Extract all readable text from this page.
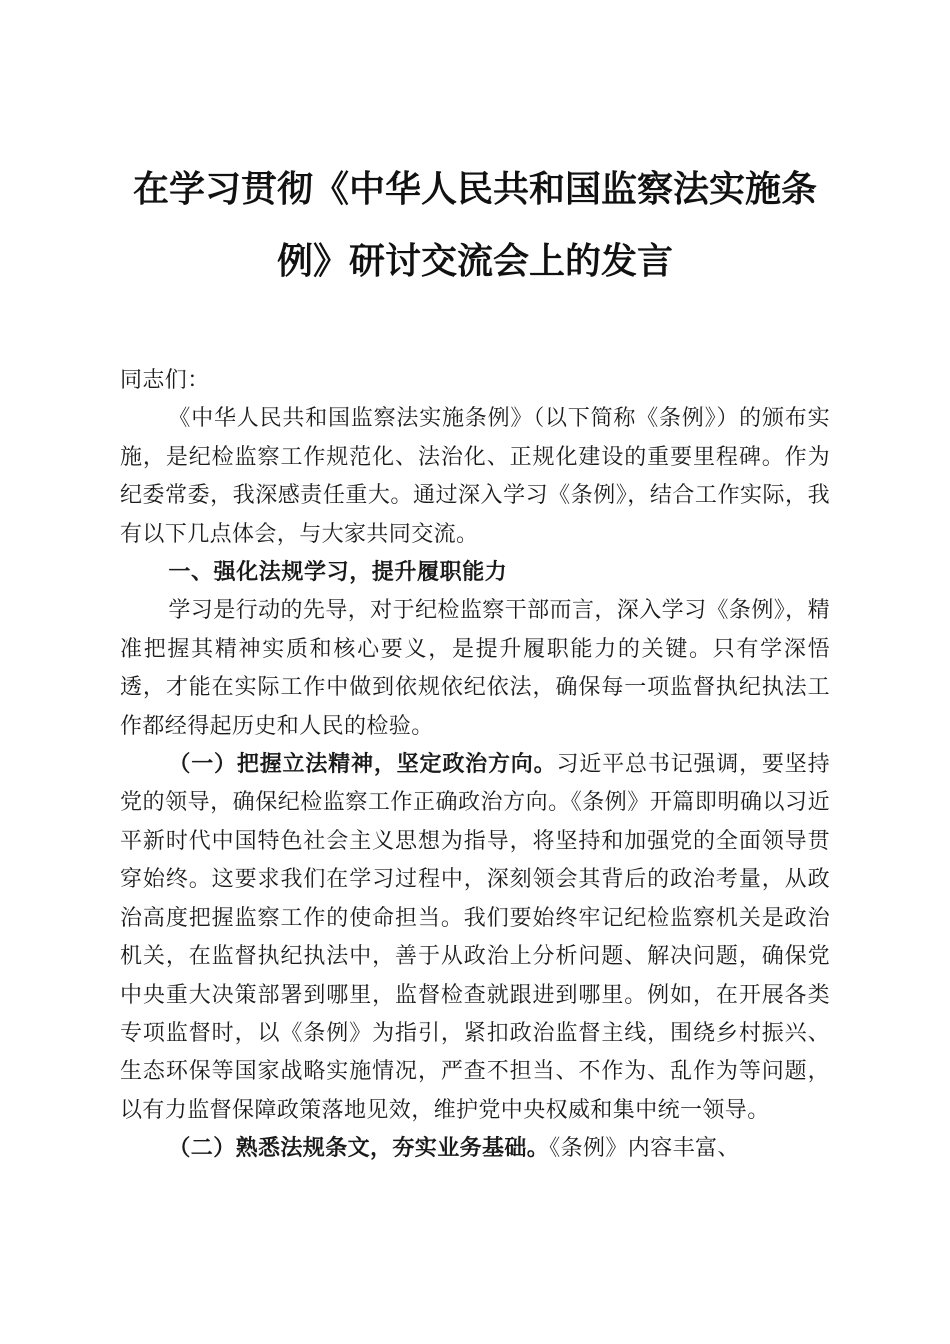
在学习贯彻《中华人民共和国监察法实施条
例》研讨交流会上的发言

同志们：

《中华人民共和国监察法实施条例》（以下简称《条例》）的颁布实施，是纪检监察工作规范化、法治化、正规化建设的重要里程碑。作为纪委常委，我深感责任重大。通过深入学习《条例》，结合工作实际，我有以下几点体会，与大家共同交流。

一、强化法规学习，提升履职能力

学习是行动的先导，对于纪检监察干部而言，深入学习《条例》，精准把握其精神实质和核心要义，是提升履职能力的关键。只有学深悟透，才能在实际工作中做到依规依纪依法，确保每一项监督执纪执法工作都经得起历史和人民的检验。

（一）把握立法精神，坚定政治方向。习近平总书记强调，要坚持党的领导，确保纪检监察工作正确政治方向。《条例》开篇即明确以习近平新时代中国特色社会主义思想为指导，将坚持和加强党的全面领导贯穿始终。这要求我们在学习过程中，深刻领会其背后的政治考量，从政治高度把握监察工作的使命担当。我们要始终牢记纪检监察机关是政治机关，在监督执纪执法中，善于从政治上分析问题、解决问题，确保党中央重大决策部署到哪里，监督检查就跟进到哪里。例如，在开展各类专项监督时，以《条例》为指引，紧扣政治监督主线，围绕乡村振兴、生态环保等国家战略实施情况，严查不担当、不作为、乱作为等问题，以有力监督保障政策落地见效，维护党中央权威和集中统一领导。

（二）熟悉法规条文，夯实业务基础。《条例》内容丰富、
